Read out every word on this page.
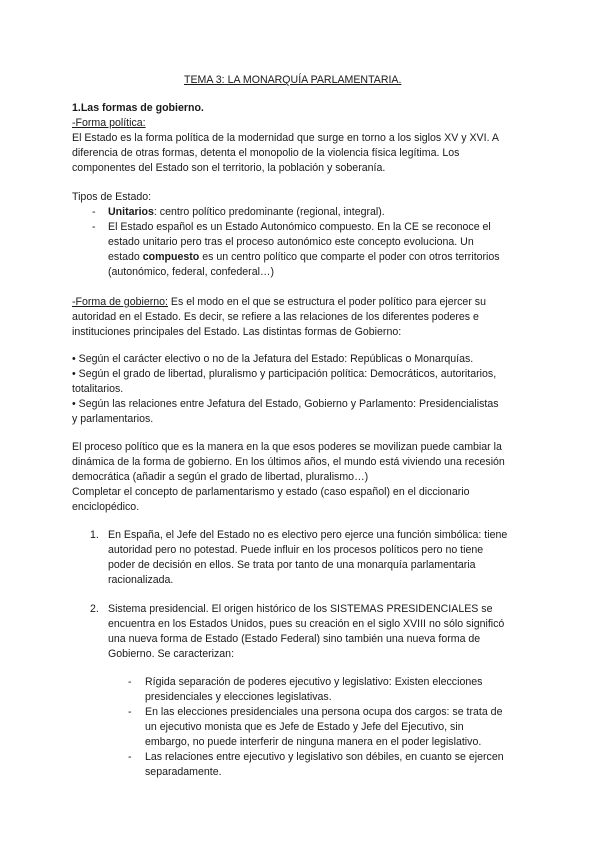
TEMA 3: LA MONARQUÍA PARLAMENTARIA.
1.Las formas de gobierno.
-Forma política:
El Estado es la forma política de la modernidad que surge en torno a los siglos XV y XVI. A
diferencia de otras formas, detenta el monopolio de la violencia física legítima. Los
componentes del Estado son el territorio, la población y soberanía.
Tipos de Estado:
- Unitarios: centro político predominante (regional, integral).
- El Estado español es un Estado Autonómico compuesto. En la CE se reconoce el
estado unitario pero tras el proceso autonómico este concepto evoluciona. Un
estado compuesto es un centro político que comparte el poder con otros territorios
(autonómico, federal, confederal…)
-Forma de gobierno: Es el modo en el que se estructura el poder político para ejercer su
autoridad en el Estado. Es decir, se refiere a las relaciones de los diferentes poderes e
instituciones principales del Estado. Las distintas formas de Gobierno:
• Según el carácter electivo o no de la Jefatura del Estado: Repúblicas o Monarquías.
• Según el grado de libertad, pluralismo y participación política: Democráticos, autoritarios,
totalitarios.
• Según las relaciones entre Jefatura del Estado, Gobierno y Parlamento: Presidencialistas
y parlamentarios.
El proceso político que es la manera en la que esos poderes se movilizan puede cambiar la
dinámica de la forma de gobierno. En los últimos años, el mundo está viviendo una recesión
democrática (añadir a según el grado de libertad, pluralismo…)
Completar el concepto de parlamentarismo y estado (caso español) en el diccionario
enciclopédico.
1. En España, el Jefe del Estado no es electivo pero ejerce una función simbólica: tiene
autoridad pero no potestad. Puede influir en los procesos políticos pero no tiene
poder de decisión en ellos. Se trata por tanto de una monarquía parlamentaria
racionalizada.
2. Sistema presidencial. El origen histórico de los SISTEMAS PRESIDENCIALES se
encuentra en los Estados Unidos, pues su creación en el siglo XVIII no sólo significó
una nueva forma de Estado (Estado Federal) sino también una nueva forma de
Gobierno. Se caracterizan:
- Rígida separación de poderes ejecutivo y legislativo: Existen elecciones
presidenciales y elecciones legislativas.
- En las elecciones presidenciales una persona ocupa dos cargos: se trata de
un ejecutivo monista que es Jefe de Estado y Jefe del Ejecutivo, sin
embargo, no puede interferir de ninguna manera en el poder legislativo.
- Las relaciones entre ejecutivo y legislativo son débiles, en cuanto se ejercen
separadamente.
